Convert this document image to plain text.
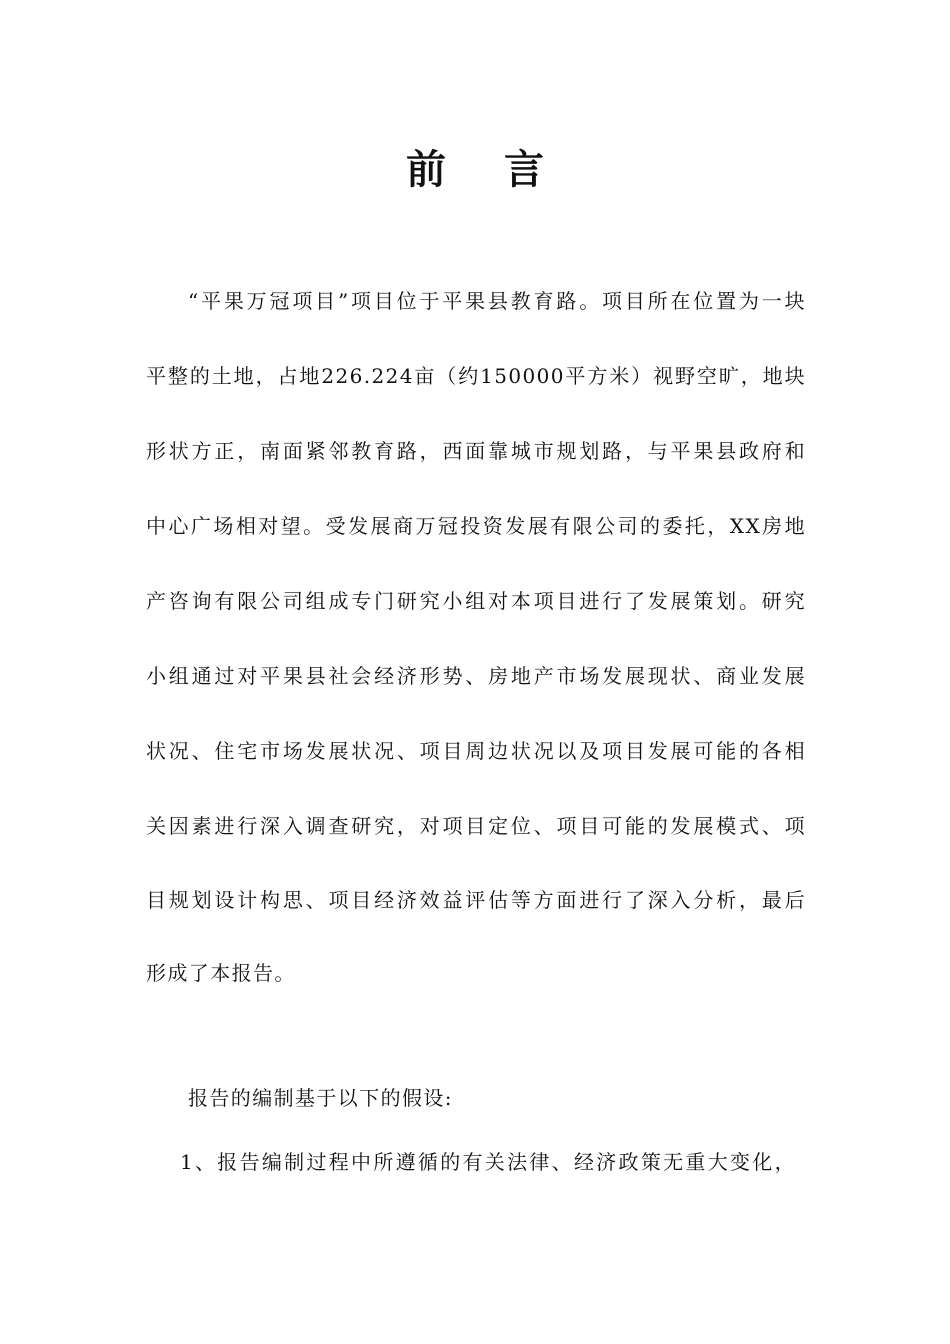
前言
“平果万冠项目”项目位于平果县教育路。项目所在位置为一块
平整的土地，占地226.224亩（约150000平方米）视野空旷，地块
形状方正，南面紧邻教育路，西面靠城市规划路，与平果县政府和
中心广场相对望。受发展商万冠投资发展有限公司的委托，XX房地
产咨询有限公司组成专门研究小组对本项目进行了发展策划。研究
小组通过对平果县社会经济形势、房地产市场发展现状、商业发展
状况、住宅市场发展状况、项目周边状况以及项目发展可能的各相
关因素进行深入调查研究，对项目定位、项目可能的发展模式、项
目规划设计构思、项目经济效益评估等方面进行了深入分析，最后
形成了本报告。
报告的编制基于以下的假设:
1、报告编制过程中所遵循的有关法律、经济政策无重大变化，
